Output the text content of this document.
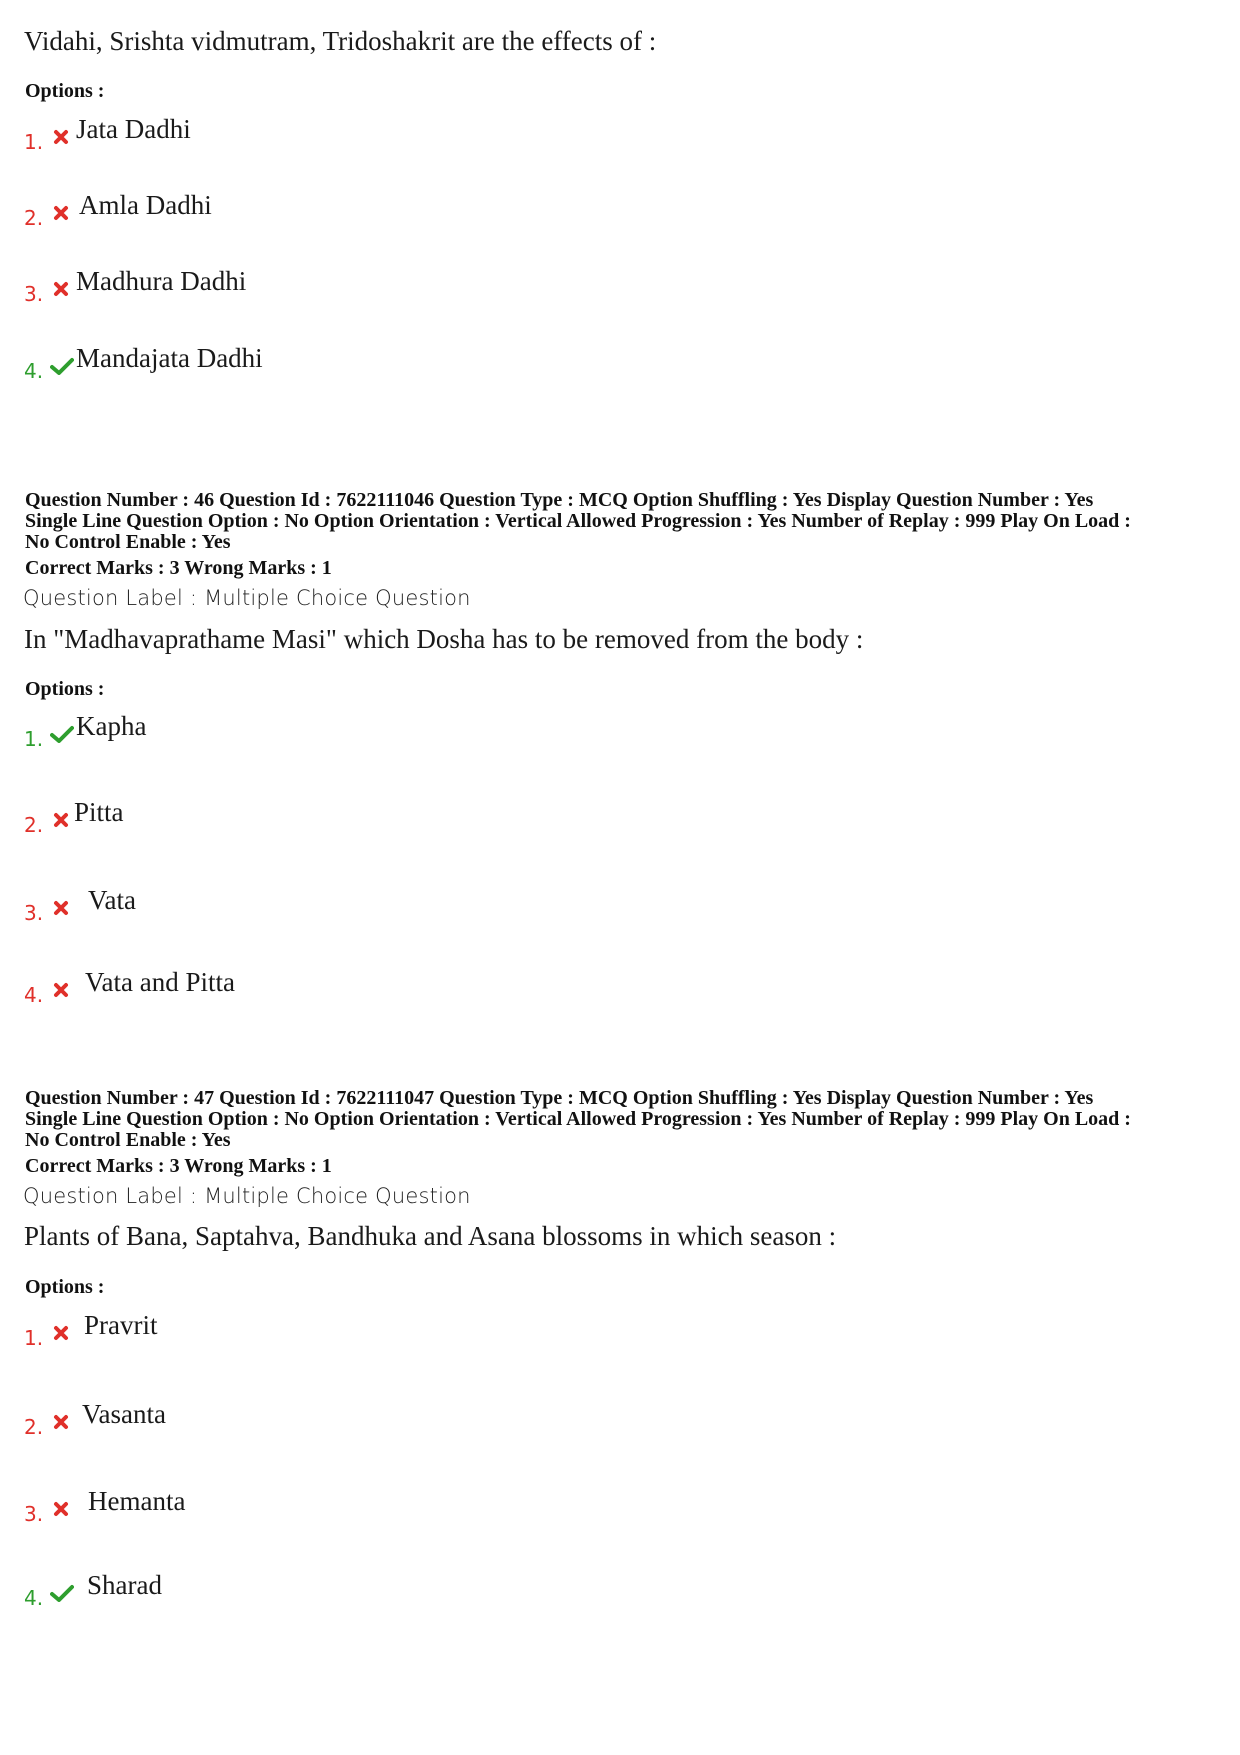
Vidahi, Srishta vidmutram, Tridoshakrit are the effects of :
Options :
1. Jata Dadhi
2. Amla Dadhi
3. Madhura Dadhi
4. Mandajata Dadhi
Question Number : 46 Question Id : 7622111046 Question Type : MCQ Option Shuffling : Yes Display Question Number : Yes
Single Line Question Option : No Option Orientation : Vertical Allowed Progression : Yes Number of Replay : 999 Play On Load :
No Control Enable : Yes
Correct Marks : 3 Wrong Marks : 1
Question Label : Multiple Choice Question
In "Madhavaprathame Masi" which Dosha has to be removed from the body :
Options :
1. Kapha
2. Pitta
3. Vata
4. Vata and Pitta
Question Number : 47 Question Id : 7622111047 Question Type : MCQ Option Shuffling : Yes Display Question Number : Yes
Single Line Question Option : No Option Orientation : Vertical Allowed Progression : Yes Number of Replay : 999 Play On Load :
No Control Enable : Yes
Correct Marks : 3 Wrong Marks : 1
Question Label : Multiple Choice Question
Plants of Bana, Saptahva, Bandhuka and Asana blossoms in which season :
Options :
1. Pravrit
2. Vasanta
3. Hemanta
4. Sharad
